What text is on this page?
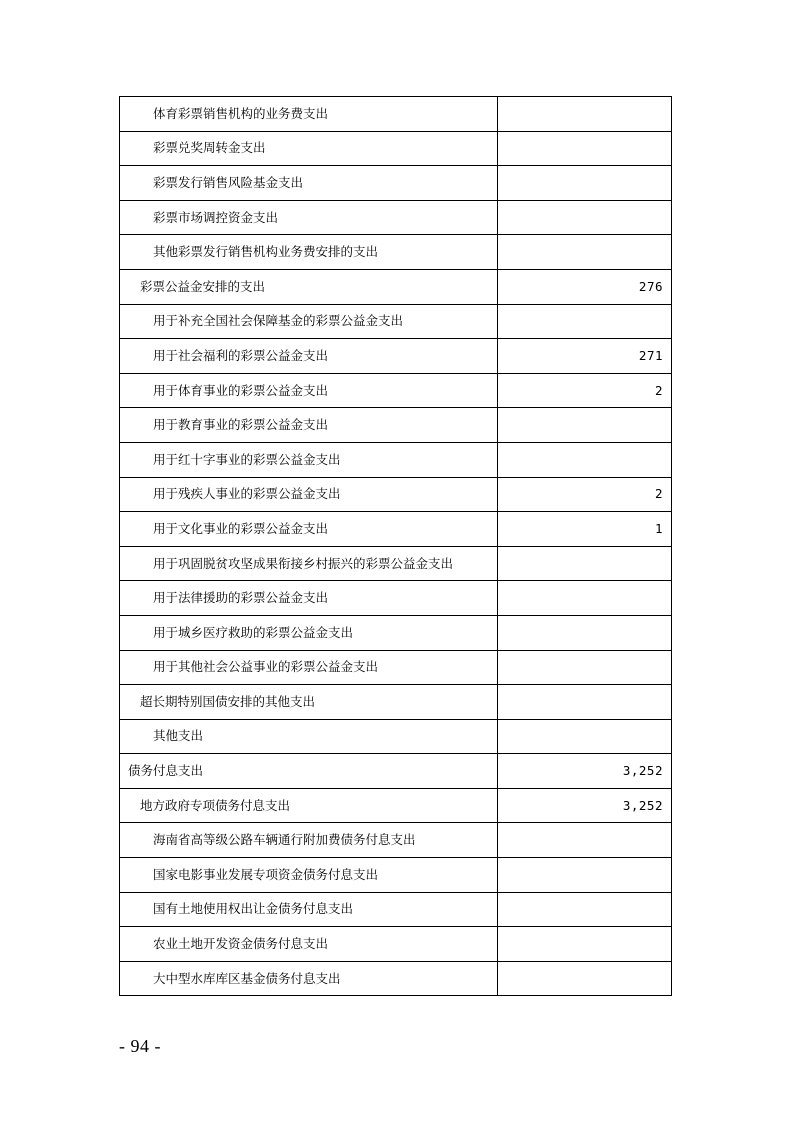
体育彩票销售机构的业务费支出	
彩票兑奖周转金支出	
彩票发行销售风险基金支出	
彩票市场调控资金支出	
其他彩票发行销售机构业务费安排的支出	
彩票公益金安排的支出	276
用于补充全国社会保障基金的彩票公益金支出	
用于社会福利的彩票公益金支出	271
用于体育事业的彩票公益金支出	2
用于教育事业的彩票公益金支出	
用于红十字事业的彩票公益金支出	
用于残疾人事业的彩票公益金支出	2
用于文化事业的彩票公益金支出	1
用于巩固脱贫攻坚成果衔接乡村振兴的彩票公益金支出	
用于法律援助的彩票公益金支出	
用于城乡医疗救助的彩票公益金支出	
用于其他社会公益事业的彩票公益金支出	
超长期特别国债安排的其他支出	
其他支出	
债务付息支出	3,252
地方政府专项债务付息支出	3,252
海南省高等级公路车辆通行附加费债务付息支出	
国家电影事业发展专项资金债务付息支出	
国有土地使用权出让金债务付息支出	
农业土地开发资金债务付息支出	
大中型水库库区基金债务付息支出	
- 94 -
